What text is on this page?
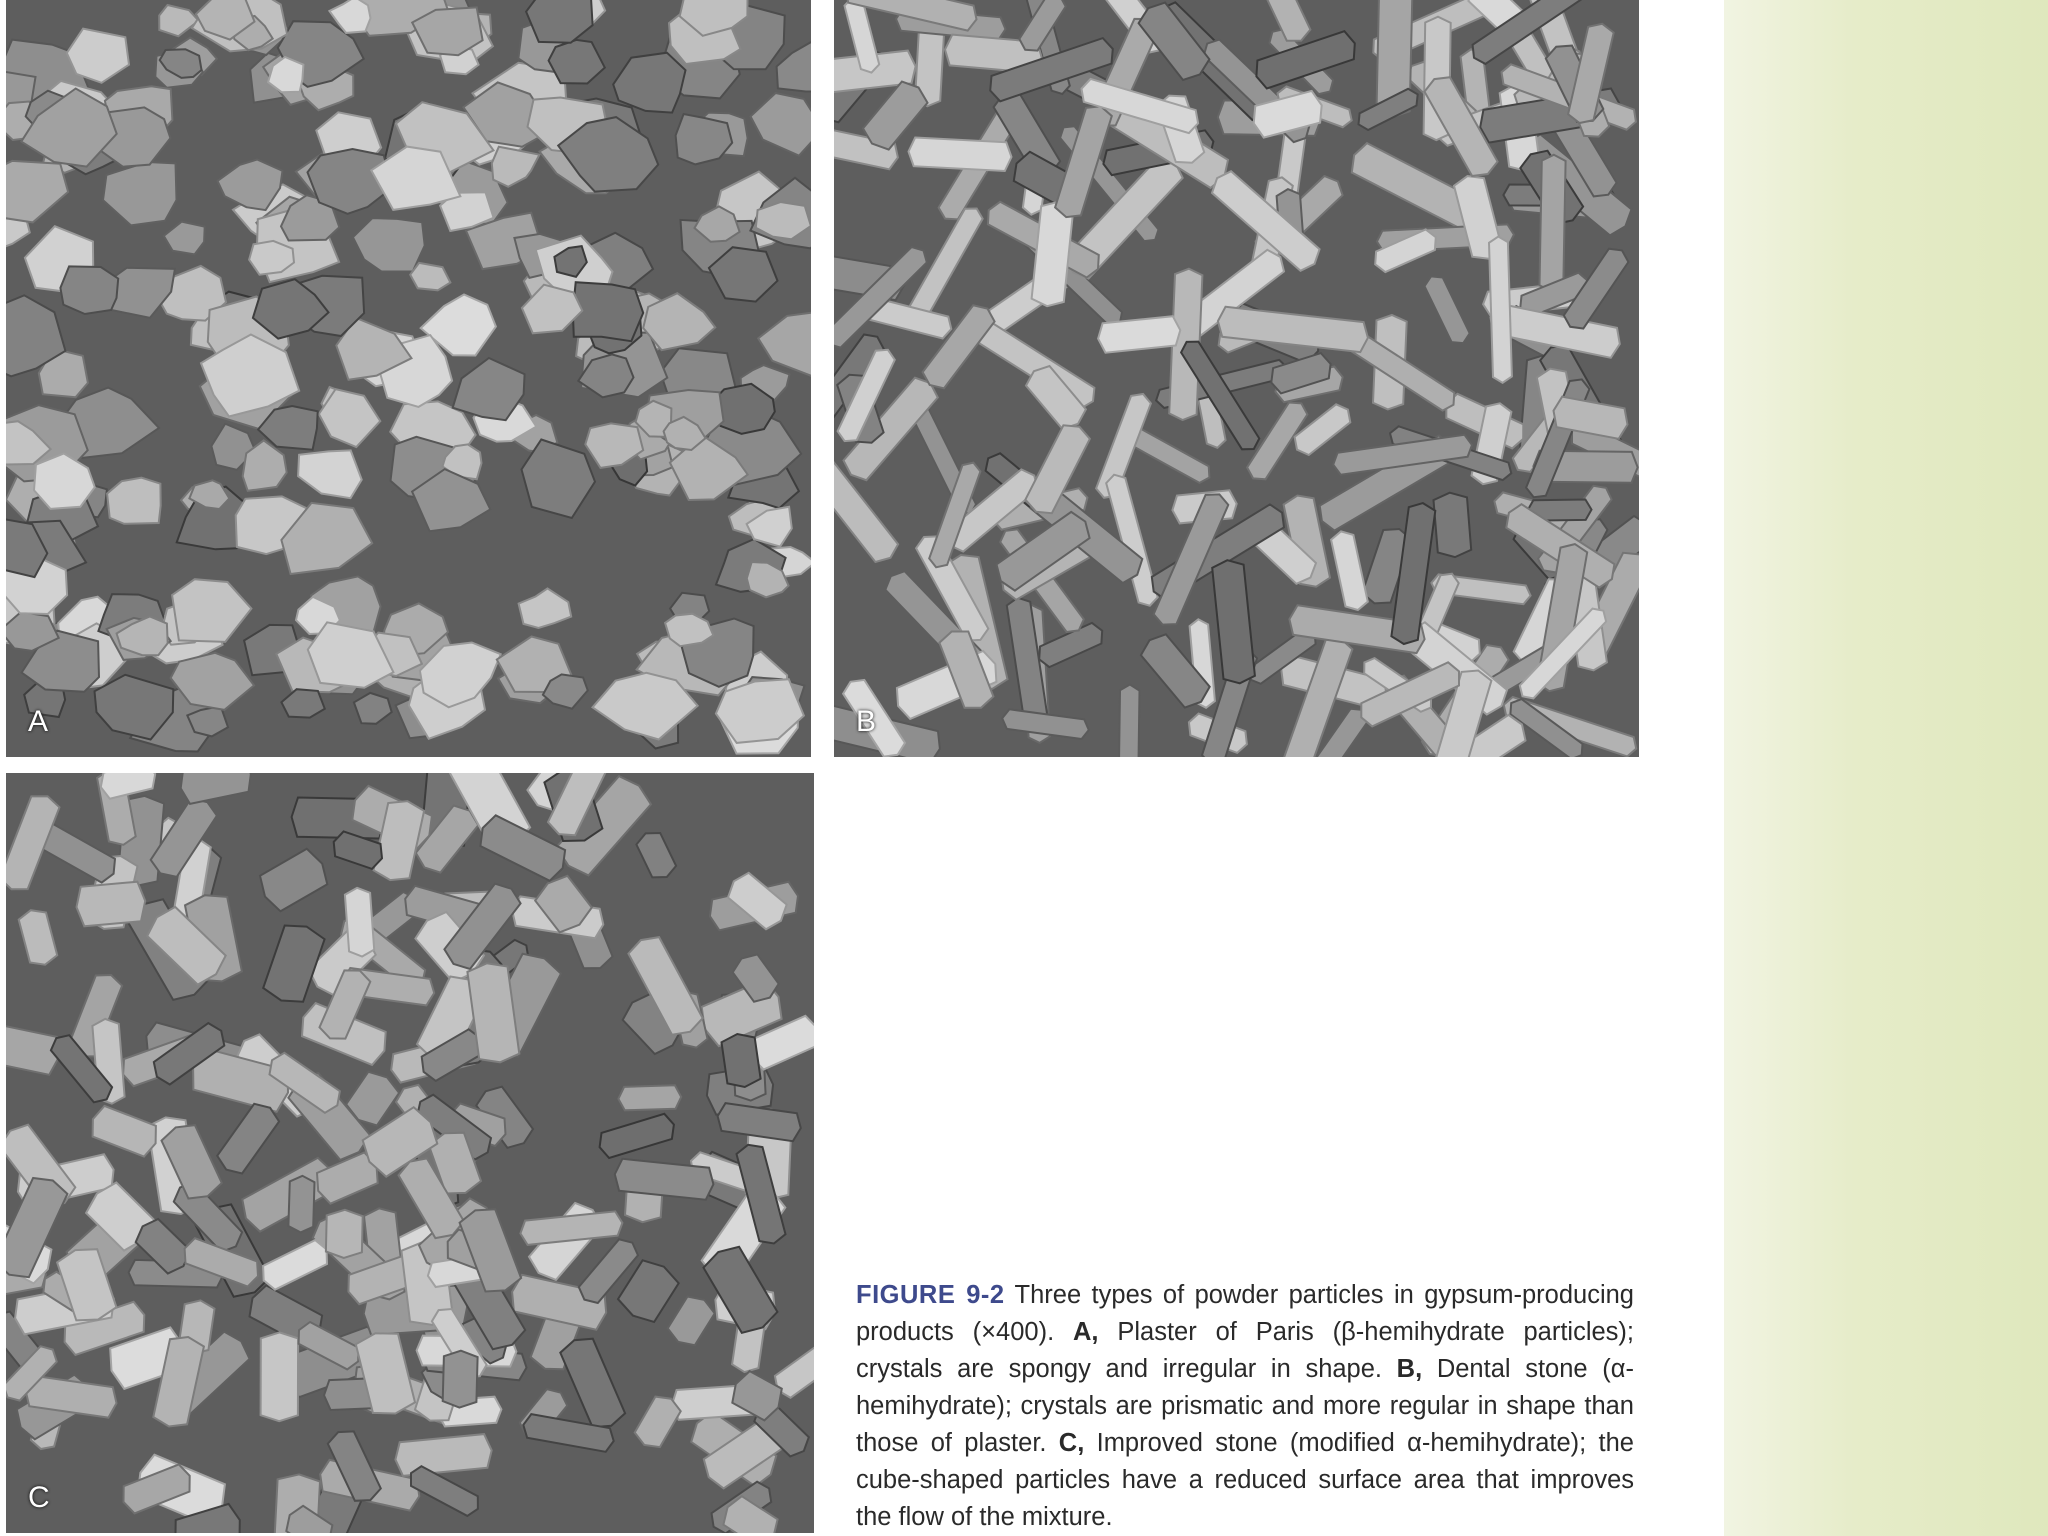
A	B
C
FIGURE 9-2 Three types of powder particles in gypsum-producing products (×400). A, Plaster of Paris (β-hemihydrate particles); crystals are spongy and irregular in shape. B, Dental stone (α-hemihydrate); crystals are prismatic and more regular in shape than those of plaster. C, Improved stone (modified α-hemihydrate); the cube-shaped particles have a reduced surface area that improves the flow of the mixture.
